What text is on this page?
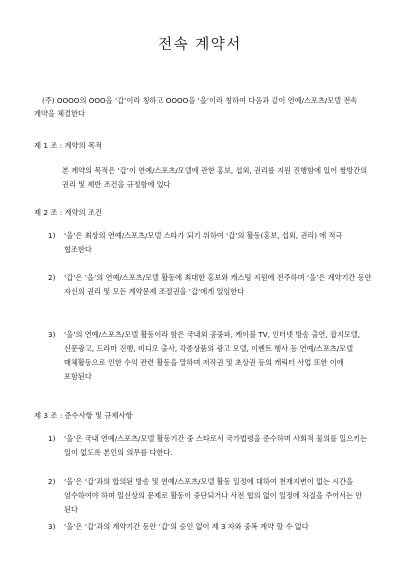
전속 계약서
(주) OOOO의 OOO을 ‘갑’이라 칭하고 OOOO을 ‘을’이라 칭하여 다음과 같이 연예/스포츠/모델 전속 계약을 체결한다
제 1 조 : 계약의 목적
본 계약의 목적은 ‘갑’이 연예/스포츠/모델에 관한 홍보, 섭외, 권리를 지원 진행함에 있어 쌍방간의 권리 및 제반 조건을 규정함에 있다
제 2 조 : 계약의 조건
1)	‘을’은 최상의 연예/스포츠/모델 스타가 되기 위하여 ‘갑’의 활동(홍보, 섭외, 권리) 에 적극 협조한다
2)	‘갑’은 ‘을’의 연예/스포츠/모델 활동에 최대한 홍보와 캐스팅 지원에 전주하며 ‘을’은 계약기간 동안 자신의 권리 및 모든 계약문제 조절권을 ‘갑’에게 일임한다
3)	‘을’의 연예/스포츠/모델 활동이라 함은 국내외 공중파, 케이블 TV, 인터넷 방송 출연, 잡지모델, 신문광고, 드라마 진행, 비디오 출사, 각종상품의 광고 모델, 이벤트 행사 등 연예/스포츠/모델 매체활동으로 인한 수익 관련 활동을 말하며 저작권 및 초상권 등의 캐릭터 사업 또한 이에 포함된다
제 3 조 : 준수사항 및 규제사항
1)	‘을’은 국내 연예/스포츠/모델 활동기간 중 스타로서 국가법령을 준수하며 사회적 물의를 일으키는 일이 없도록 본인의 의무를 다한다.
2)	‘을’은 ‘갑’과의 합의된 방송 및 연예/스포츠/모델 활동 일정에 대하여 천재지변이 없는 시간을 엄수하여야 하며 일신상의 문제로 활동이 중단되거나 사전 협의 없이 일정에 차질을 주어서는 안 된다
3)	‘을’은 ‘갑’과의 계약기간 동안 ‘갑’의 승인 없이 제 3 자와 중복 계약 할 수 없다
